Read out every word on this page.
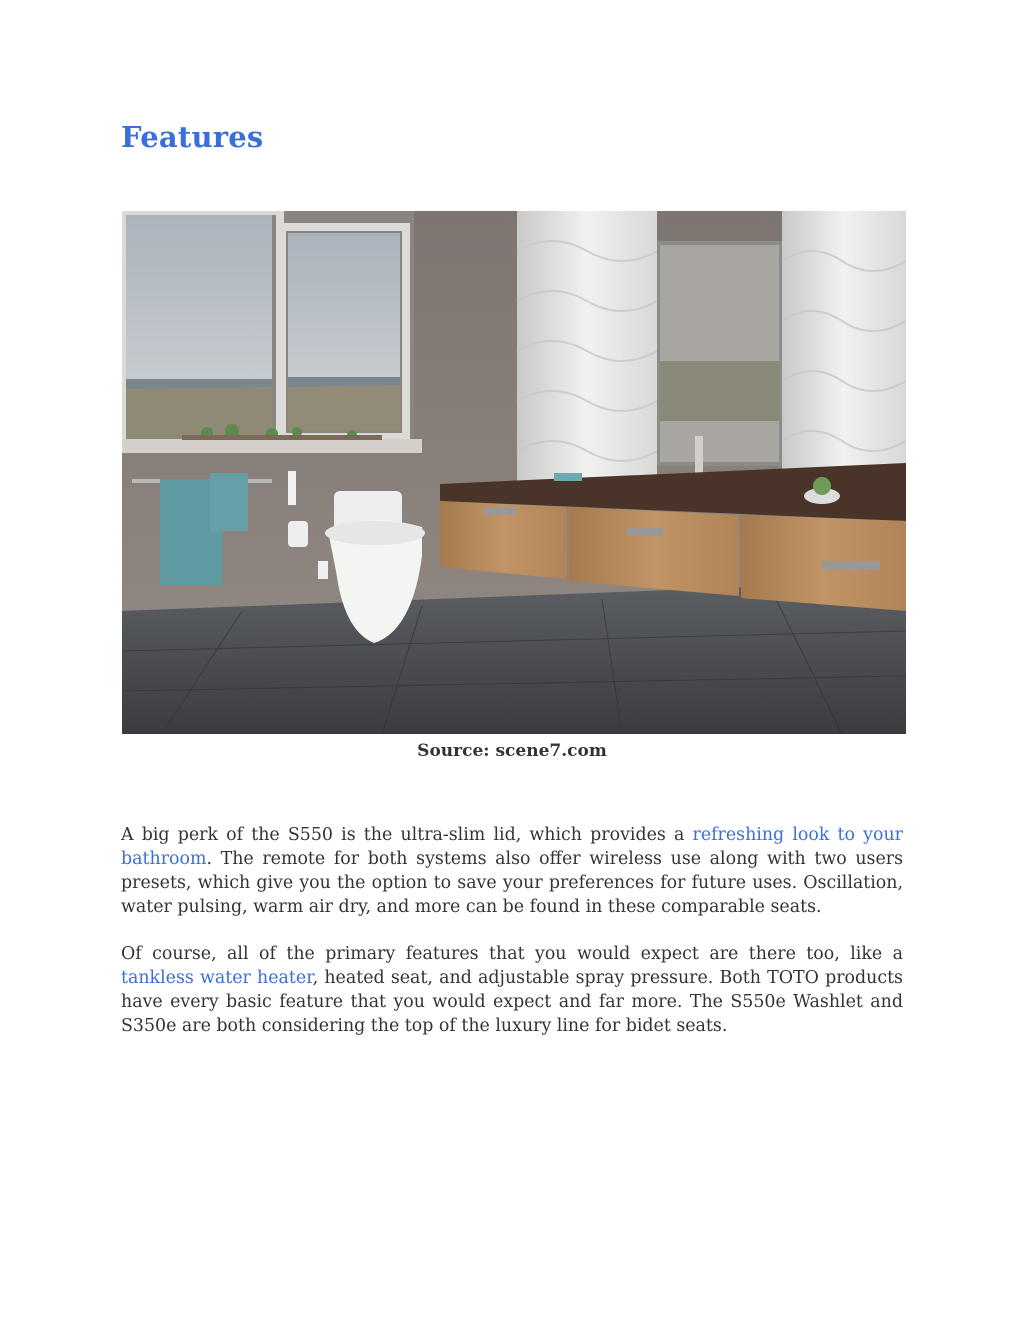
Features
Source: scene7.com

A big perk of the S550 is the ultra-slim lid, which provides a refreshing look to your bathroom. The remote for both systems also offer wireless use along with two users presets, which give you the option to save your preferences for future uses. Oscillation, water pulsing, warm air dry, and more can be found in these comparable seats.

Of course, all of the primary features that you would expect are there too, like a tankless water heater, heated seat, and adjustable spray pressure. Both TOTO products have every basic feature that you would expect and far more. The S550e Washlet and S350e are both considering the top of the luxury line for bidet seats.
